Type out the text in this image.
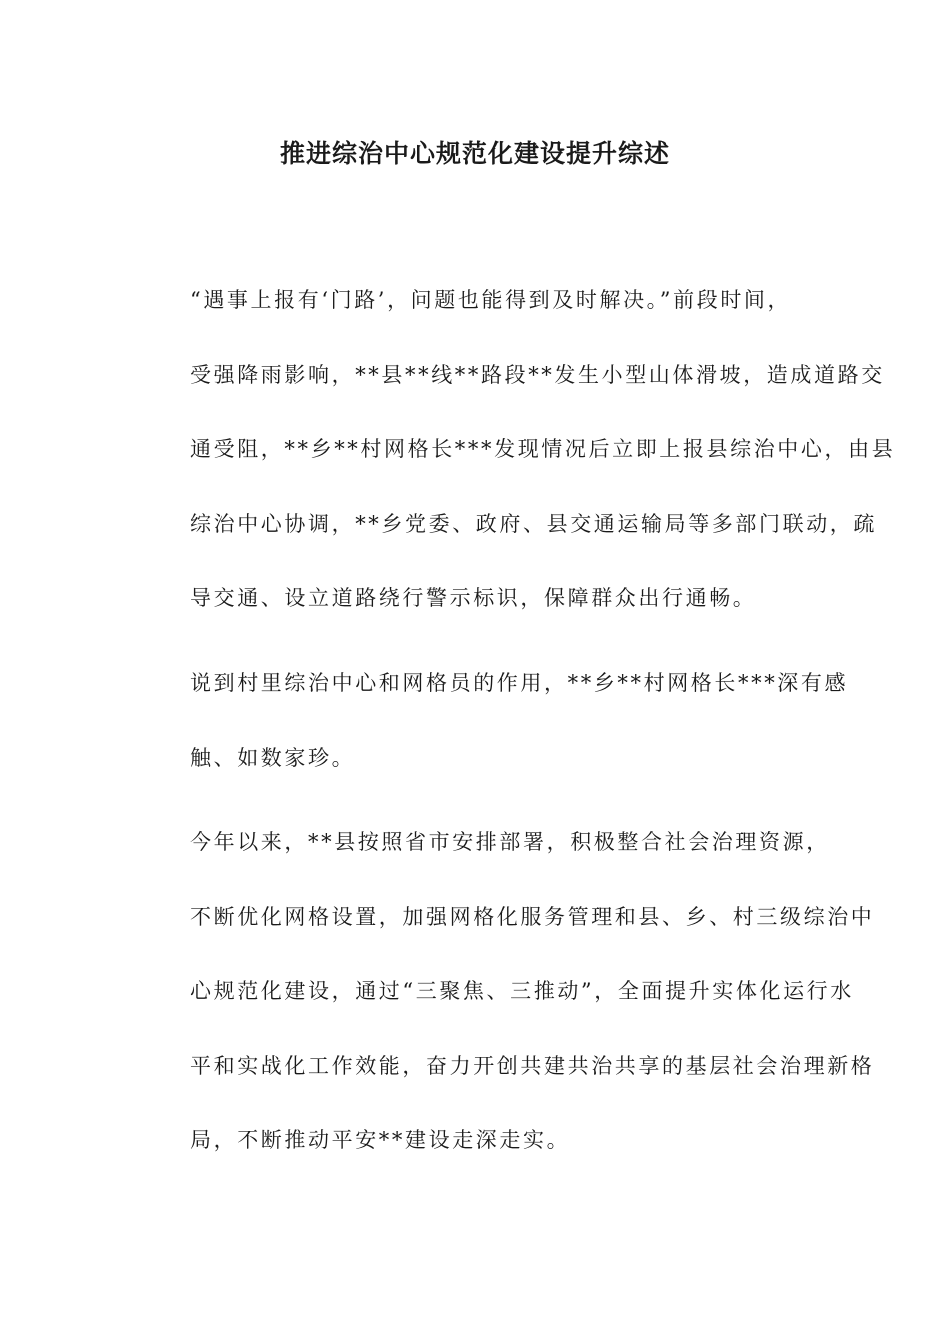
推进综治中心规范化建设提升综述

“遇事上报有‘门路’，问题也能得到及时解决。”前段时间，
受强降雨影响，**县**线**路段**发生小型山体滑坡，造成道路交
通受阻，**乡**村网格长***发现情况后立即上报县综治中心，由县
综治中心协调，**乡党委、政府、县交通运输局等多部门联动，疏
导交通、设立道路绕行警示标识，保障群众出行通畅。

说到村里综治中心和网格员的作用，**乡**村网格长***深有感
触、如数家珍。

今年以来，**县按照省市安排部署，积极整合社会治理资源，
不断优化网格设置，加强网格化服务管理和县、乡、村三级综治中
心规范化建设，通过“三聚焦、三推动”，全面提升实体化运行水
平和实战化工作效能，奋力开创共建共治共享的基层社会治理新格
局，不断推动平安**建设走深走实。
